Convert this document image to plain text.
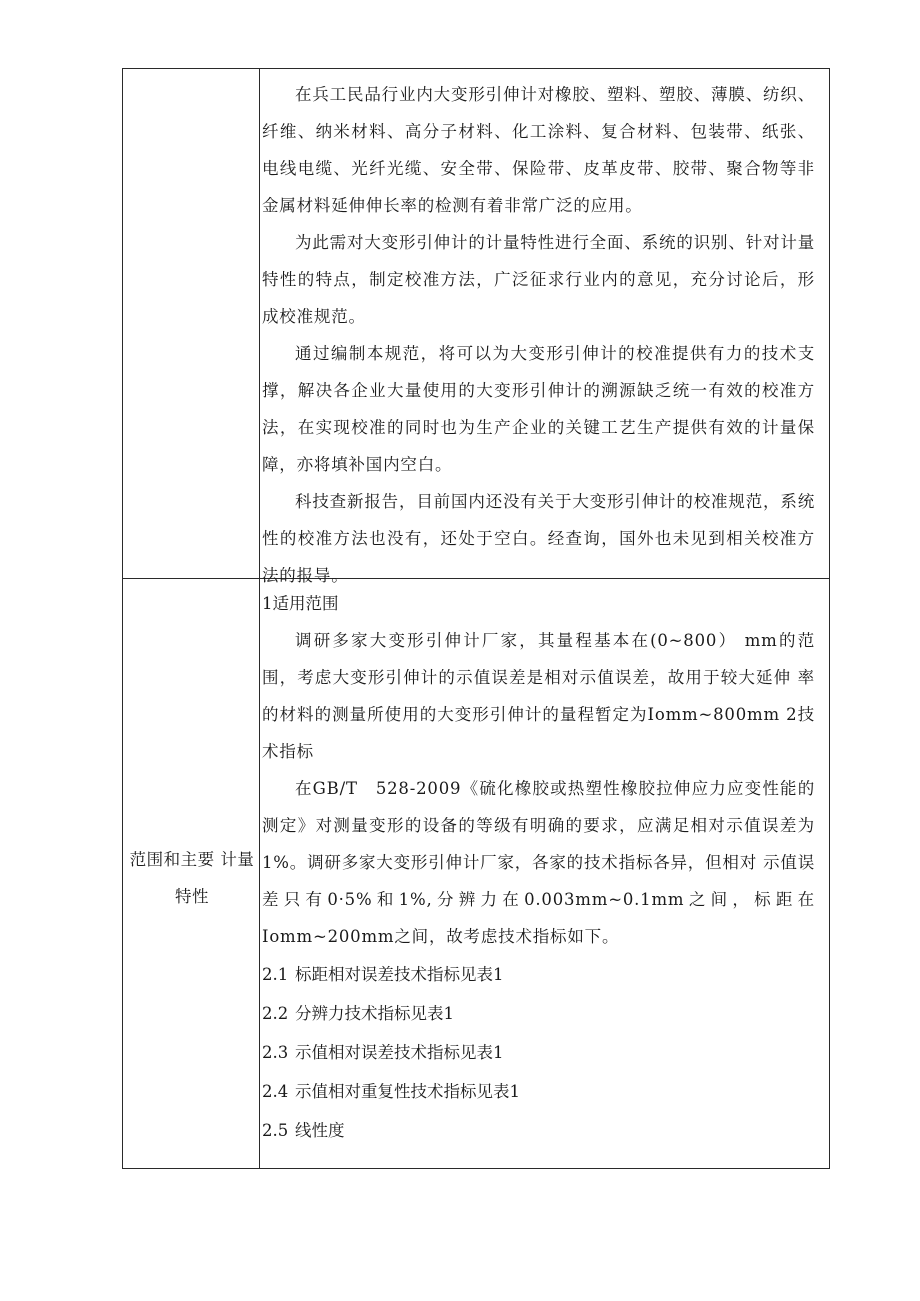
在兵工民品行业内大变形引伸计对橡胶、塑料、塑胶、薄膜、纺织、纤维、纳米材料、高分子材料、化工涂料、复合材料、包装带、纸张、电线电缆、光纤光缆、安全带、保险带、皮革皮带、胶带、聚合物等非金属材料延伸伸长率的检测有着非常广泛的应用。

为此需对大变形引伸计的计量特性进行全面、系统的识别、针对计量特性的特点，制定校准方法，广泛征求行业内的意见，充分讨论后，形成校准规范。

通过编制本规范，将可以为大变形引伸计的校准提供有力的技术支撑，解决各企业大量使用的大变形引伸计的溯源缺乏统一有效的校准方法，在实现校准的同时也为生产企业的关键工艺生产提供有效的计量保障，亦将填补国内空白。

科技查新报告，目前国内还没有关于大变形引伸计的校准规范，系统性的校准方法也没有，还处于空白。经查询，国外也未见到相关校准方法的报导。

范围和主要 计量特性

1适用范围

调研多家大变形引伸计厂家，其量程基本在(0~800） mm的范 围，考虑大变形引伸计的示值误差是相对示值误差，故用于较大延伸 率的材料的测量所使用的大变形引伸计的量程暂定为Iomm~800mm 2技术指标

在GB/T　528-2009《硫化橡胶或热塑性橡胶拉伸应力应变性能的测定》对测量变形的设备的等级有明确的要求，应满足相对示值误差为1%。调研多家大变形引伸计厂家，各家的技术指标各异，但相对 示值误差只有0·5%和1%,分辨力在0.003mm~0.1mm之间，标距在Iomm~200mm之间，故考虑技术指标如下。

2.1 标距相对误差技术指标见表1

2.2 分辨力技术指标见表1

2.3 示值相对误差技术指标见表1

2.4 示值相对重复性技术指标见表1

2.5 线性度
